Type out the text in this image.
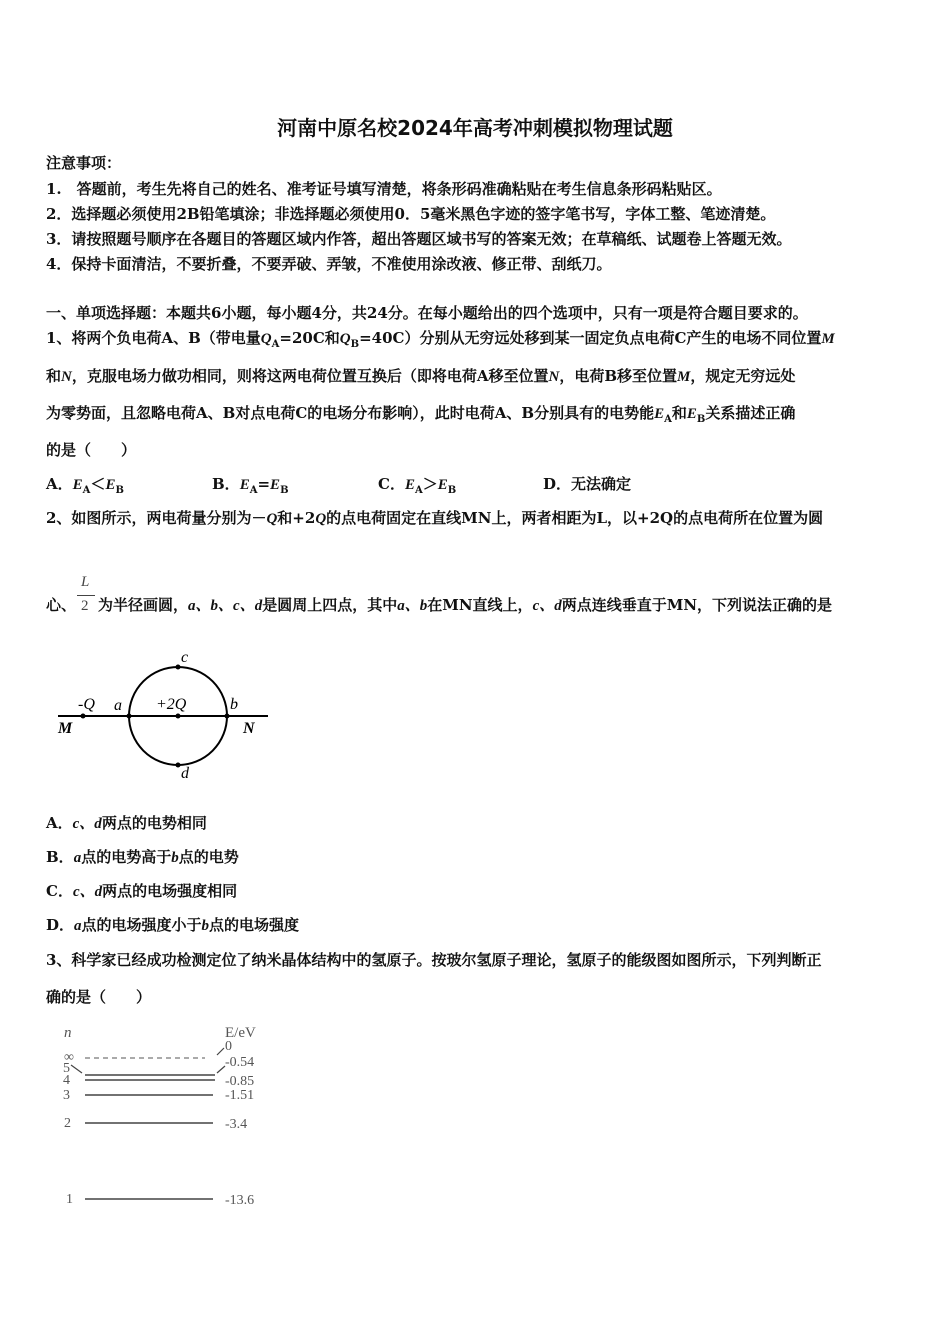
河南中原名校2024年高考冲刺模拟物理试题
注意事项：
1.　答题前，考生先将自己的姓名、准考证号填写清楚，将条形码准确粘贴在考生信息条形码粘贴区。
2．选择题必须使用2B铅笔填涂；非选择题必须使用0．5毫米黑色字迹的签字笔书写，字体工整、笔迹清楚。
3．请按照题号顺序在各题目的答题区域内作答，超出答题区域书写的答案无效；在草稿纸、试题卷上答题无效。
4．保持卡面清洁，不要折叠，不要弄破、弄皱，不准使用涂改液、修正带、刮纸刀。
一、单项选择题：本题共6小题，每小题4分，共24分。在每小题给出的四个选项中，只有一项是符合题目要求的。
1、将两个负电荷A、B（带电量$Q_A=20C$和$Q_B=40C$）分别从无穷远处移到某一固定负点电荷C产生的电场不同位置M
和N，克服电场力做功相同，则将这两电荷位置互换后（即将电荷A移至位置N，电荷B移至位置M，规定无穷远处
为零势面，且忽略电荷A、B对点电荷C的电场分布影响），此时电荷A、B分别具有的电势能$E_A$和$E_B$关系描述正确
的是（　　）
A．$E_A<E_B$	B．$E_A=E_B$	C．$E_A>E_B$	D．无法确定
2、如图所示，两电荷量分别为－Q和+2Q的点电荷固定在直线MN上，两者相距为L，以+2Q的点电荷所在位置为圆
心、 $\frac{L}{2}$ 为半径画圆，a、b、c、d是圆周上四点，其中a、b在MN直线上，c、d两点连线垂直于MN，下列说法正确的是
-Q a +2Q	b
c
d
M	N
A．c、d两点的电势相同
B．a点的电势高于b点的电势
C．c、d两点的电场强度相同
D．a点的电场强度小于b点的电场强度
3、科学家已经成功检测定位了纳米晶体结构中的氢原子。按玻尔氢原子理论，氢原子的能级图如图所示，下列判断正
确的是（　　）
n	E/eV
∞
5
4
3
2
1
0
-0.54
-0.85
-1.51
-3.4
-13.6
